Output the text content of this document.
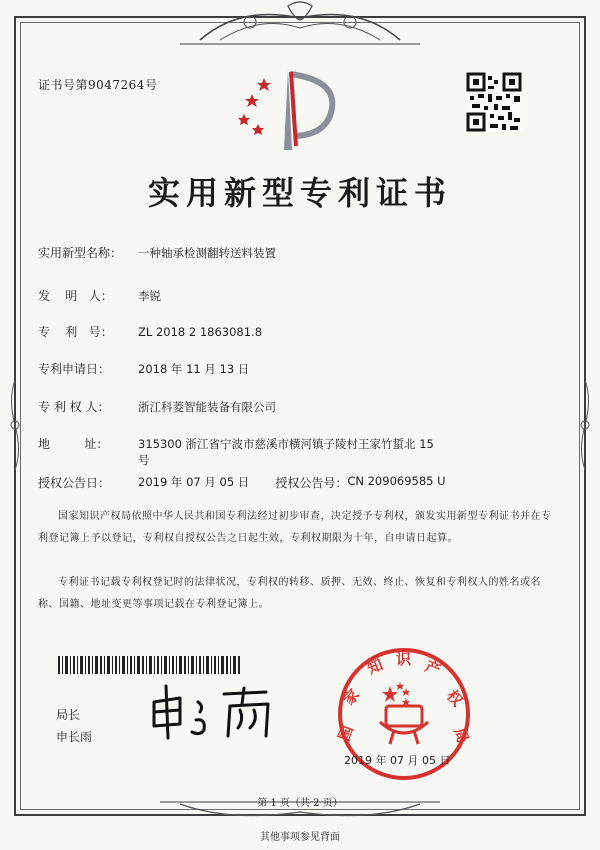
证书号第9047264号
实用新型专利证书
实用新型名称：	一种轴承检测翻转送料装置
发    明   人：	李锐
专    利   号：	ZL 2018 2 1863081.8
专利申请日：	2018 年 11 月 13 日
专 利 权 人：	浙江科菱智能装备有限公司
地         址：	315300 浙江省宁波市慈溪市横河镇子陵村王家竹蜇北 15 号
授权公告日：	2019 年 07 月 05 日 授权公告号： CN 209069585 U
国家知识产权局依照中华人民共和国专利法经过初步审查，决定授予专利权，颁发实用新型专利证书并在专利登记簿上予以登记，专利权自授权公告之日起生效，专利权期限为十年，自申请日起算。
专利证书记载专利权登记时的法律状况，专利权的转移、质押、无效、终止、恢复和专利权人的姓名或名称、国籍、地址变更等事项记载在专利登记簿上。
局长
申长雨	国
家
知 识 产
权
局
2019 年 07 月 05 日
第 1 页（共 2 页）
其他事项参见背面
